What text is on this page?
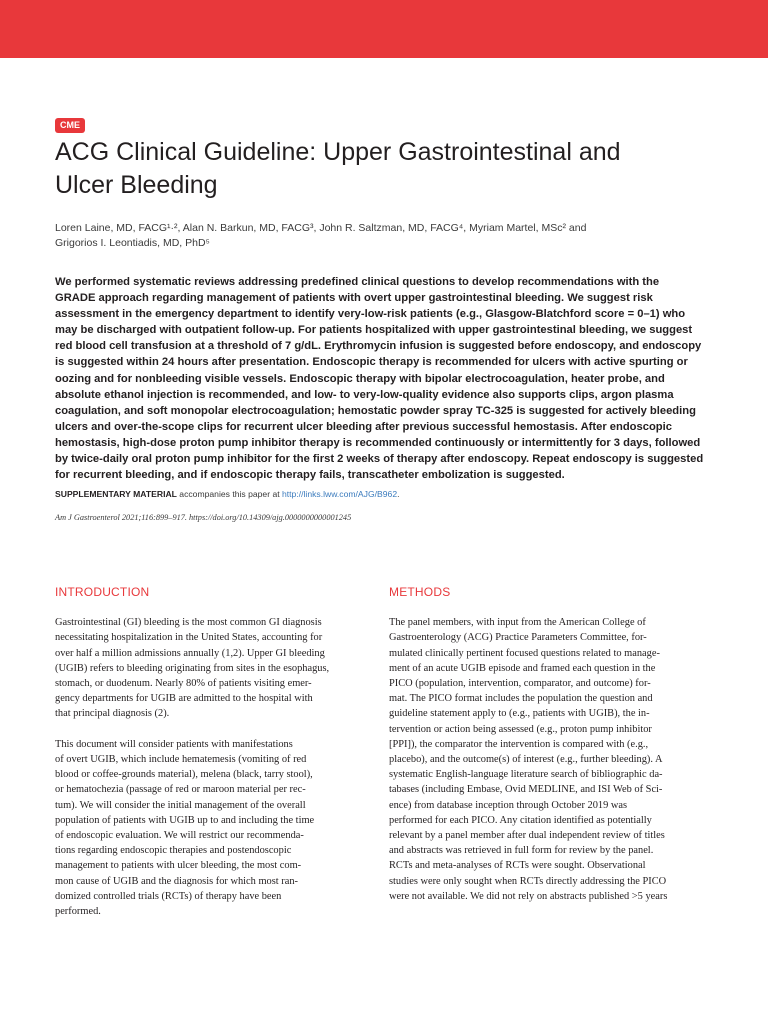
CME
ACG Clinical Guideline: Upper Gastrointestinal and
Ulcer Bleeding

Loren Laine, MD, FACG¹·², Alan N. Barkun, MD, FACG³, John R. Saltzman, MD, FACG⁴, Myriam Martel, MSc² and
Grigorios I. Leontiadis, MD, PhD⁵

We performed systematic reviews addressing predefined clinical questions to develop recommendations with the
GRADE approach regarding management of patients with overt upper gastrointestinal bleeding. We suggest risk
assessment in the emergency department to identify very-low-risk patients (e.g., Glasgow-Blatchford score = 0–1) who
may be discharged with outpatient follow-up. For patients hospitalized with upper gastrointestinal bleeding, we suggest
red blood cell transfusion at a threshold of 7 g/dL. Erythromycin infusion is suggested before endoscopy, and endoscopy
is suggested within 24 hours after presentation. Endoscopic therapy is recommended for ulcers with active spurting or
oozing and for nonbleeding visible vessels. Endoscopic therapy with bipolar electrocoagulation, heater probe, and
absolute ethanol injection is recommended, and low- to very-low-quality evidence also supports clips, argon plasma
coagulation, and soft monopolar electrocoagulation; hemostatic powder spray TC-325 is suggested for actively bleeding
ulcers and over-the-scope clips for recurrent ulcer bleeding after previous successful hemostasis. After endoscopic
hemostasis, high-dose proton pump inhibitor therapy is recommended continuously or intermittently for 3 days, followed
by twice-daily oral proton pump inhibitor for the first 2 weeks of therapy after endoscopy. Repeat endoscopy is suggested
for recurrent bleeding, and if endoscopic therapy fails, transcatheter embolization is suggested.

SUPPLEMENTARY MATERIAL accompanies this paper at http://links.lww.com/AJG/B962.

Am J Gastroenterol 2021;116:899–917. https://doi.org/10.14309/ajg.0000000000001245

INTRODUCTION

Gastrointestinal (GI) bleeding is the most common GI diagnosis
necessitating hospitalization in the United States, accounting for
over half a million admissions annually (1,2). Upper GI bleeding
(UGIB) refers to bleeding originating from sites in the esophagus,
stomach, or duodenum. Nearly 80% of patients visiting emer-
gency departments for UGIB are admitted to the hospital with
that principal diagnosis (2).

This document will consider patients with manifestations
of overt UGIB, which include hematemesis (vomiting of red
blood or coffee-grounds material), melena (black, tarry stool),
or hematochezia (passage of red or maroon material per rec-
tum). We will consider the initial management of the overall
population of patients with UGIB up to and including the time
of endoscopic evaluation. We will restrict our recommenda-
tions regarding endoscopic therapies and postendoscopic
management to patients with ulcer bleeding, the most com-
mon cause of UGIB and the diagnosis for which most ran-
domized controlled trials (RCTs) of therapy have been
performed.

METHODS

The panel members, with input from the American College of
Gastroenterology (ACG) Practice Parameters Committee, for-
mulated clinically pertinent focused questions related to manage-
ment of an acute UGIB episode and framed each question in the
PICO (population, intervention, comparator, and outcome) for-
mat. The PICO format includes the population the question and
guideline statement apply to (e.g., patients with UGIB), the in-
tervention or action being assessed (e.g., proton pump inhibitor
[PPI]), the comparator the intervention is compared with (e.g.,
placebo), and the outcome(s) of interest (e.g., further bleeding). A
systematic English-language literature search of bibliographic da-
tabases (including Embase, Ovid MEDLINE, and ISI Web of Sci-
ence) from database inception through October 2019 was
performed for each PICO. Any citation identified as potentially
relevant by a panel member after dual independent review of titles
and abstracts was retrieved in full form for review by the panel.
RCTs and meta-analyses of RCTs were sought. Observational
studies were only sought when RCTs directly addressing the PICO
were not available. We did not rely on abstracts published >5 years
